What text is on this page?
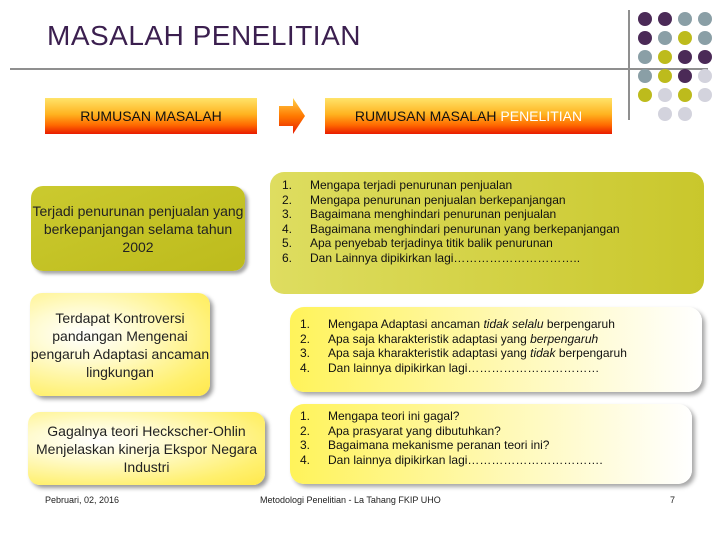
MASALAH PENELITIAN
RUMUSAN MASALAH	RUMUSAN MASALAH
PENELITIAN
Terjadi penurunan penjualan yang berkepanjangan selama tahun 2002
Terdapat Kontroversi pandangan Mengenai pengaruh Adaptasi ancaman lingkungan
Gagalnya teori Heckscher-Ohlin Menjelaskan kinerja Ekspor Negara Industri
1.	Mengapa terjadi penurunan penjualan
2.	Mengapa penurunan penjualan berkepanjangan
3.	Bagaimana menghindari penurunan penjualan
4.	Bagaimana menghindari penurunan yang berkepanjangan
5.	Apa penyebab terjadinya titik balik penurunan
6.	Dan Lainnya dipikirkan lagi…………………………..
1.	Mengapa Adaptasi ancaman tidak selalu berpengaruh
2.	Apa saja kharakteristik adaptasi yang berpengaruh
3.	Apa saja kharakteristik adaptasi yang tidak berpengaruh
4.	Dan lainnya dipikirkan lagi……………………………
1.	Mengapa teori ini gagal?
2.	Apa prasyarat yang dibutuhkan?
3.	Bagaimana mekanisme peranan teori ini?
4.	Dan lainnya dipikirkan lagi…………………………….
Pebruari, 02, 2016	Metodologi Penelitian - La Tahang FKIP UHO	7
